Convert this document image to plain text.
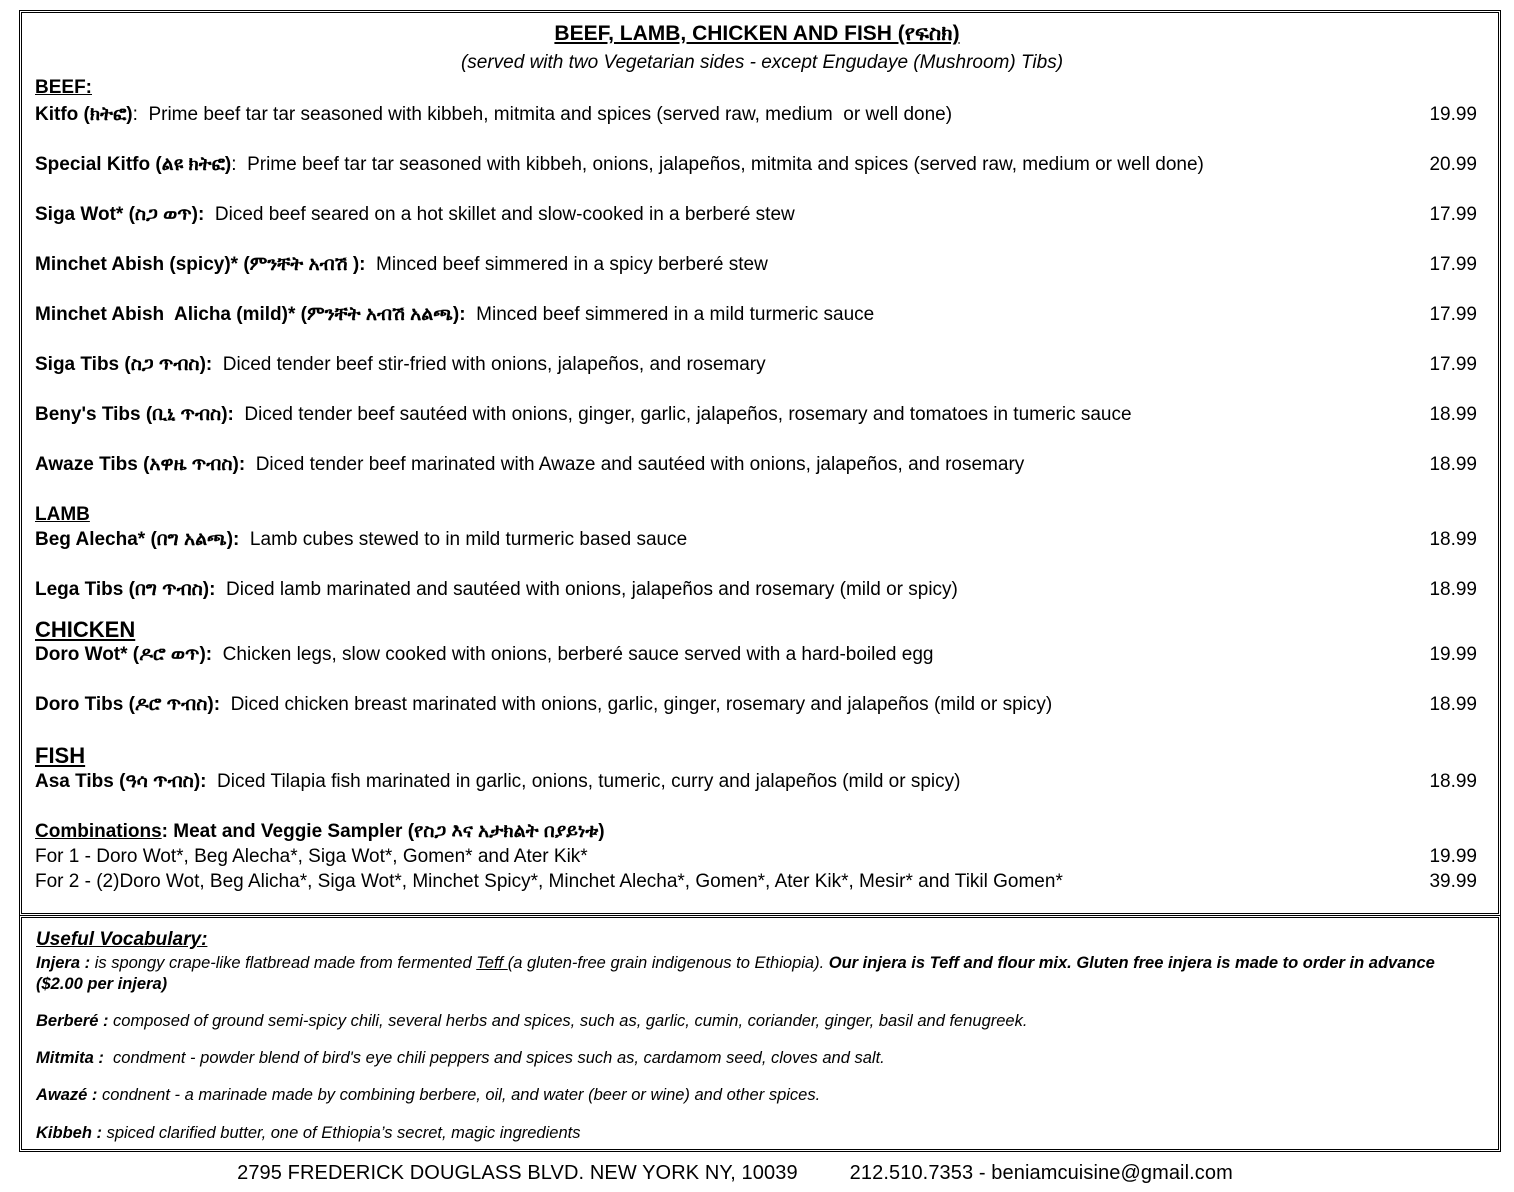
BEEF, LAMB, CHICKEN AND FISH (የፍስክ)
(served with two Vegetarian sides - except Engudaye (Mushroom) Tibs)
BEEF:
Kitfo (ክትፎ):  Prime beef tar tar seasoned with kibbeh, mitmita and spices (served raw, medium  or well done)	19.99
Special Kitfo (ልዩ ክትፎ):  Prime beef tar tar seasoned with kibbeh, onions, jalapeños, mitmita and spices (served raw, medium or well done)	20.99
Siga Wot* (ስጋ ወጥ):  Diced beef seared on a hot skillet and slow-cooked in a berberé stew	17.99
Minchet Abish (spicy)* (ምንቸት አብሽ ):  Minced beef simmered in a spicy berberé stew	17.99
Minchet Abish  Alicha (mild)* (ምንቸት አብሽ አልጫ):  Minced beef simmered in a mild turmeric sauce	17.99
Siga Tibs (ስጋ ጥብስ):  Diced tender beef stir-fried with onions, jalapeños, and rosemary	17.99
Beny's Tibs (ቢኒ ጥብስ):  Diced tender beef sautéed with onions, ginger, garlic, jalapeños, rosemary and tomatoes in tumeric sauce	18.99
Awaze Tibs (አዋዜ ጥብስ):  Diced tender beef marinated with Awaze and sautéed with onions, jalapeños, and rosemary	18.99
LAMB
Beg Alecha* (በግ አልጫ):  Lamb cubes stewed to in mild turmeric based sauce	18.99
Lega Tibs (በግ ጥብስ):  Diced lamb marinated and sautéed with onions, jalapeños and rosemary (mild or spicy)	18.99
CHICKEN
Doro Wot* (ዶሮ ወጥ):  Chicken legs, slow cooked with onions, berberé sauce served with a hard-boiled egg	19.99
Doro Tibs (ዶሮ ጥብስ):  Diced chicken breast marinated with onions, garlic, ginger, rosemary and jalapeños (mild or spicy)	18.99
FISH
Asa Tibs (ዓሳ ጥብስ):  Diced Tilapia fish marinated in garlic, onions, tumeric, curry and jalapeños (mild or spicy)	18.99
Combinations: Meat and Veggie Sampler (የስጋ እና አታክልት በያይነቱ)
For 1 - Doro Wot*, Beg Alecha*, Siga Wot*, Gomen* and Ater Kik*	19.99
For 2 - (2)Doro Wot, Beg Alicha*, Siga Wot*, Minchet Spicy*, Minchet Alecha*, Gomen*, Ater Kik*, Mesir* and Tikil Gomen*	39.99
Useful Vocabulary:
Injera : is spongy crape-like flatbread made from fermented Teff (a gluten-free grain indigenous to Ethiopia). Our injera is Teff and flour mix. Gluten free injera is made to order in advance ($2.00 per injera)
Berberé : composed of ground semi-spicy chili, several herbs and spices, such as, garlic, cumin, coriander, ginger, basil and fenugreek.
Mitmita :  condment - powder blend of bird's eye chili peppers and spices such as, cardamom seed, cloves and salt.
Awazé : condnent - a marinade made by combining berbere, oil, and water (beer or wine) and other spices.
Kibbeh : spiced clarified butter, one of Ethiopia’s secret, magic ingredients
2795 FREDERICK DOUGLASS BLVD. NEW YORK NY, 10039	212.510.7353 - beniamcuisine@gmail.com
